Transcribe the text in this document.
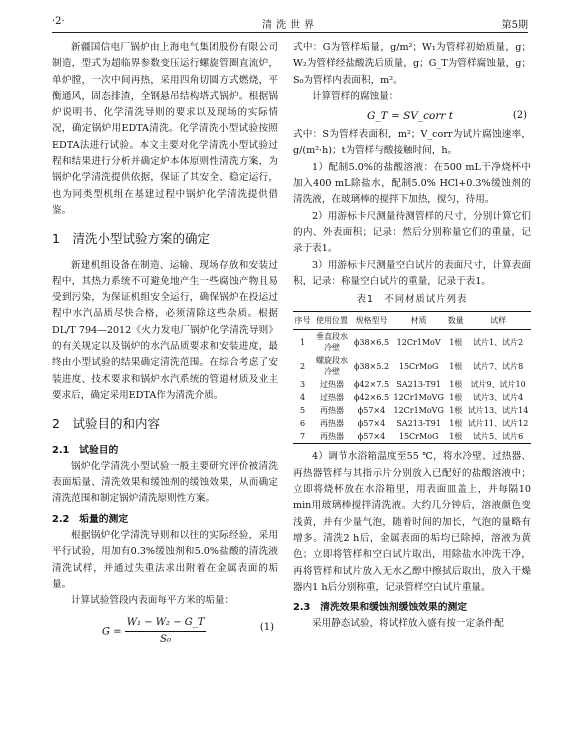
·2·	清洗世界	第5期

新疆国信电厂锅炉由上海电气集团股份有限公司制造，型式为超临界参数变压运行螺旋管圈直流炉，单炉膛，一次中间再热，采用四角切圆方式燃烧，平衡通风，固态排渣，全钢悬吊结构塔式锅炉。根据锅炉说明书、化学清洗导则的要求以及现场的实际情况，确定锅炉用EDTA清洗。化学清洗小型试验按照EDTA法进行试验。本文主要对化学清洗小型试验过程和结果进行分析并确定炉本体原则性清洗方案，为锅炉化学清洗提供依据，保证了其安全、稳定运行，也为同类型机组在基建过程中锅炉化学清洗提供借鉴。

1　清洗小型试验方案的确定

新建机组设备在制造、运输、现场存放和安装过程中，其热力系统不可避免地产生一些腐蚀产物且易受到污染，为保证机组安全运行，确保锅炉在投运过程中水汽品质尽快合格，必须清除这些杂质。根据DL/T 794—2012《火力发电厂锅炉化学清洗导则》的有关规定以及锅炉的水汽品质要求和安装进度，最终由小型试验的结果确定清洗范围。在综合考虑了安装进度、技术要求和锅炉水汽系统的管道材质及业主要求后，确定采用EDTA作为清洗介质。

2　试验目的和内容
2.1　试验目的

锅炉化学清洗小型试验一般主要研究评价被清洗表面垢量、清洗效果和缓蚀剂的缓蚀效果，从而确定清洗范围和制定锅炉清洗原则性方案。

2.2　垢量的测定

根据锅炉化学清洗导则和以往的实际经验，采用平行试验，用加有0.3%缓蚀剂和5.0%盐酸的清洗液清洗试样，并通过失重法求出附着在金属表面的垢量。

计算试验管段内表面每平方米的垢量：

$G = \frac{\text{W₁ − W₂ − G\_T}}{\text{S₀}}$	(1)

式中：G为管样垢量，g/m²；W₁为管样初始质量，g；W₂为管样经盐酸洗后质量，g；G_T为管样腐蚀量，g；S₀为管样内表面积，m²。

计算管样的腐蚀量：

G_T = SV_corr t	(2)

式中：S为管样表面积，m²；V_corr为试片腐蚀速率，g/(m²·h)；t为管样与酸接触时间，h。

1）配制5.0%的盐酸溶液：在500 mL干净烧杯中加入400 mL除盐水，配制5.0% HCl+0.3%缓蚀剂的清洗液，在玻璃棒的搅拌下加热，搅匀，待用。

2）用游标卡尺测量待测管样的尺寸，分别计算它们的内、外表面积；记录：然后分别称量它们的重量，记录于表1。

3）用游标卡尺测量空白试片的表面尺寸，计算表面积，记录：称量空白试片的重量，记录于表1。

表1　不同材质试片列表
序号	使用位置	规格型号	材质	数量	试样
1	垂直段水冷壁	ϕ38×6.5	12Cr1MoV	1根	试片1、试片2
2	螺旋段水冷壁	ϕ38×5.2	15CrMoG	1根	试片7、试片8
3	过热器	ϕ42×7.5	SA213-T91	1根	试片9、试片10
4	过热器	ϕ42×6.5	12Cr1MoVG	1根	试片3、试片4
5	再热器	ϕ57×4	12Cr1MoVG	1根	试片13、试片14
6	再热器	ϕ57×4	SA213-T91	1根	试片11、试片12
7	再热器	ϕ57×4	15CrMoG	1根	试片5、试片6

4）调节水浴箱温度至55 ℃，将水冷壁、过热器、再热器管样与其指示片分别放入已配好的盐酸溶液中；立即将烧杯放在水浴箱里，用表面皿盖上，并每隔10 min用玻璃棒搅拌清洗液。大约几分钟后，溶液颜色变浅黄，并有少量气泡，随着时间的加长，气泡的量略有增多。清洗2 h后，金属表面的垢均已除掉，溶液为黄色；立即将管样和空白试片取出，用除盐水冲洗干净，再将管样和试片放入无水乙醇中擦拭后取出，放入干燥器内1 h后分别称重，记录管样空白试片重量。

2.3　清洗效果和缓蚀剂缓蚀效果的测定

采用静态试验，将试样放入盛有按一定条件配
